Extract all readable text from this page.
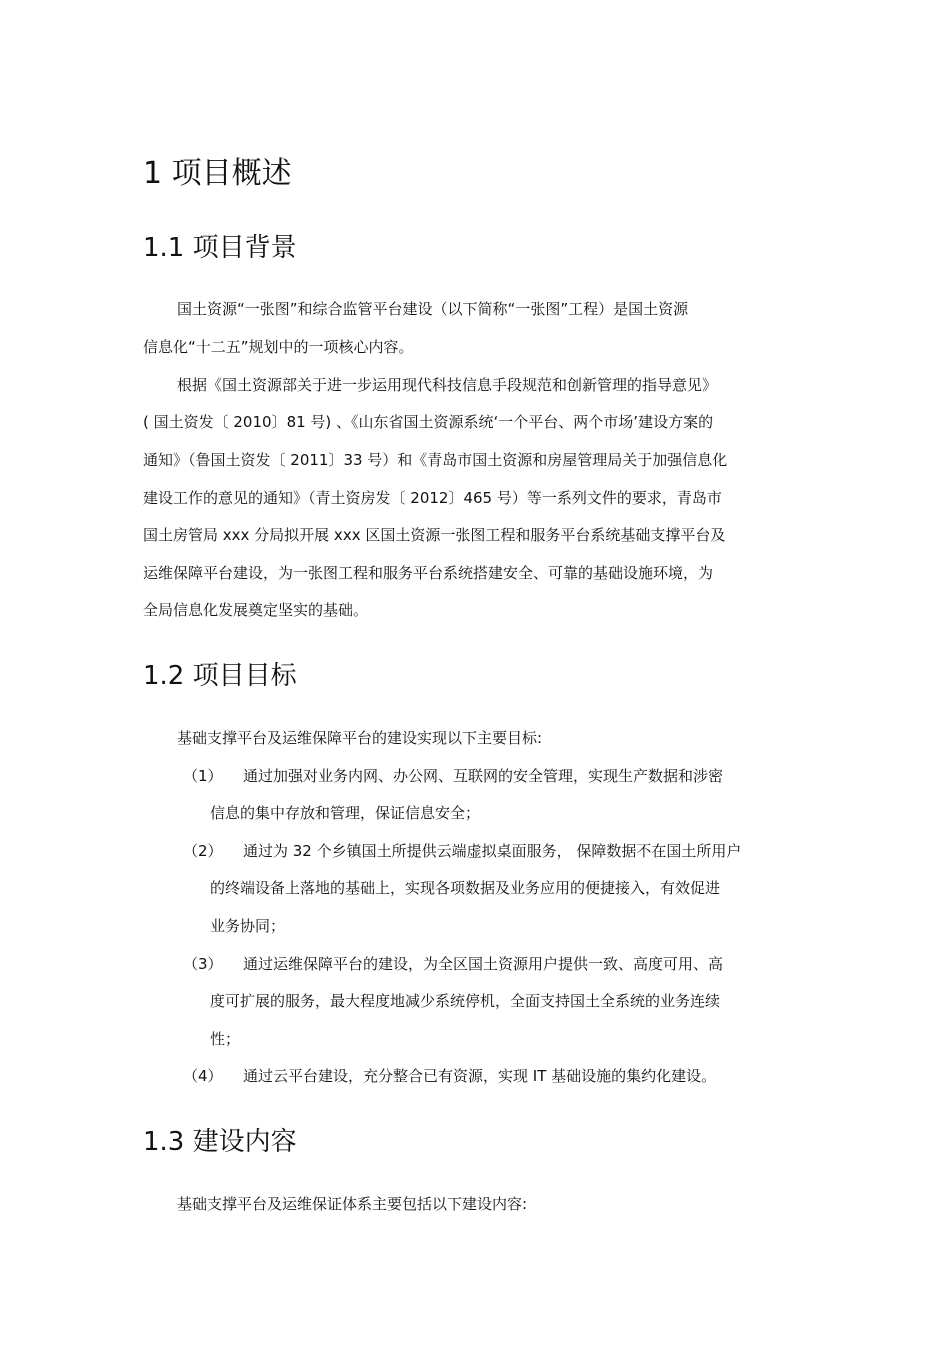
1 项目概述
1.1 项目背景
国土资源“一张图”和综合监管平台建设（以下简称“一张图”工程）是国土资源
信息化“十二五”规划中的一项核心内容。
根据《国土资源部关于进一步运用现代科技信息手段规范和创新管理的指导意见》
( 国土资发〔 2010〕81 号) 、《山东省国土资源系统‘一个平台、两个市场’建设方案的
通知》（鲁国土资发〔 2011〕33 号）和《青岛市国土资源和房屋管理局关于加强信息化
建设工作的意见的通知》（青土资房发〔 2012〕465 号）等一系列文件的要求，青岛市
国土房管局 xxx 分局拟开展 xxx 区国土资源一张图工程和服务平台系统基础支撑平台及
运维保障平台建设，为一张图工程和服务平台系统搭建安全、可靠的基础设施环境，为
全局信息化发展奠定坚实的基础。
1.2 项目目标
基础支撑平台及运维保障平台的建设实现以下主要目标:
（1） 通过加强对业务内网、办公网、互联网的安全管理，实现生产数据和涉密
信息的集中存放和管理，保证信息安全；
（2） 通过为 32 个乡镇国土所提供云端虚拟桌面服务， 保障数据不在国土所用户
的终端设备上落地的基础上，实现各项数据及业务应用的便捷接入，有效促进
业务协同；
（3） 通过运维保障平台的建设，为全区国土资源用户提供一致、高度可用、高
度可扩展的服务，最大程度地减少系统停机，全面支持国土全系统的业务连续
性；
（4） 通过云平台建设，充分整合已有资源，实现 IT 基础设施的集约化建设。
1.3 建设内容
基础支撑平台及运维保证体系主要包括以下建设内容:
